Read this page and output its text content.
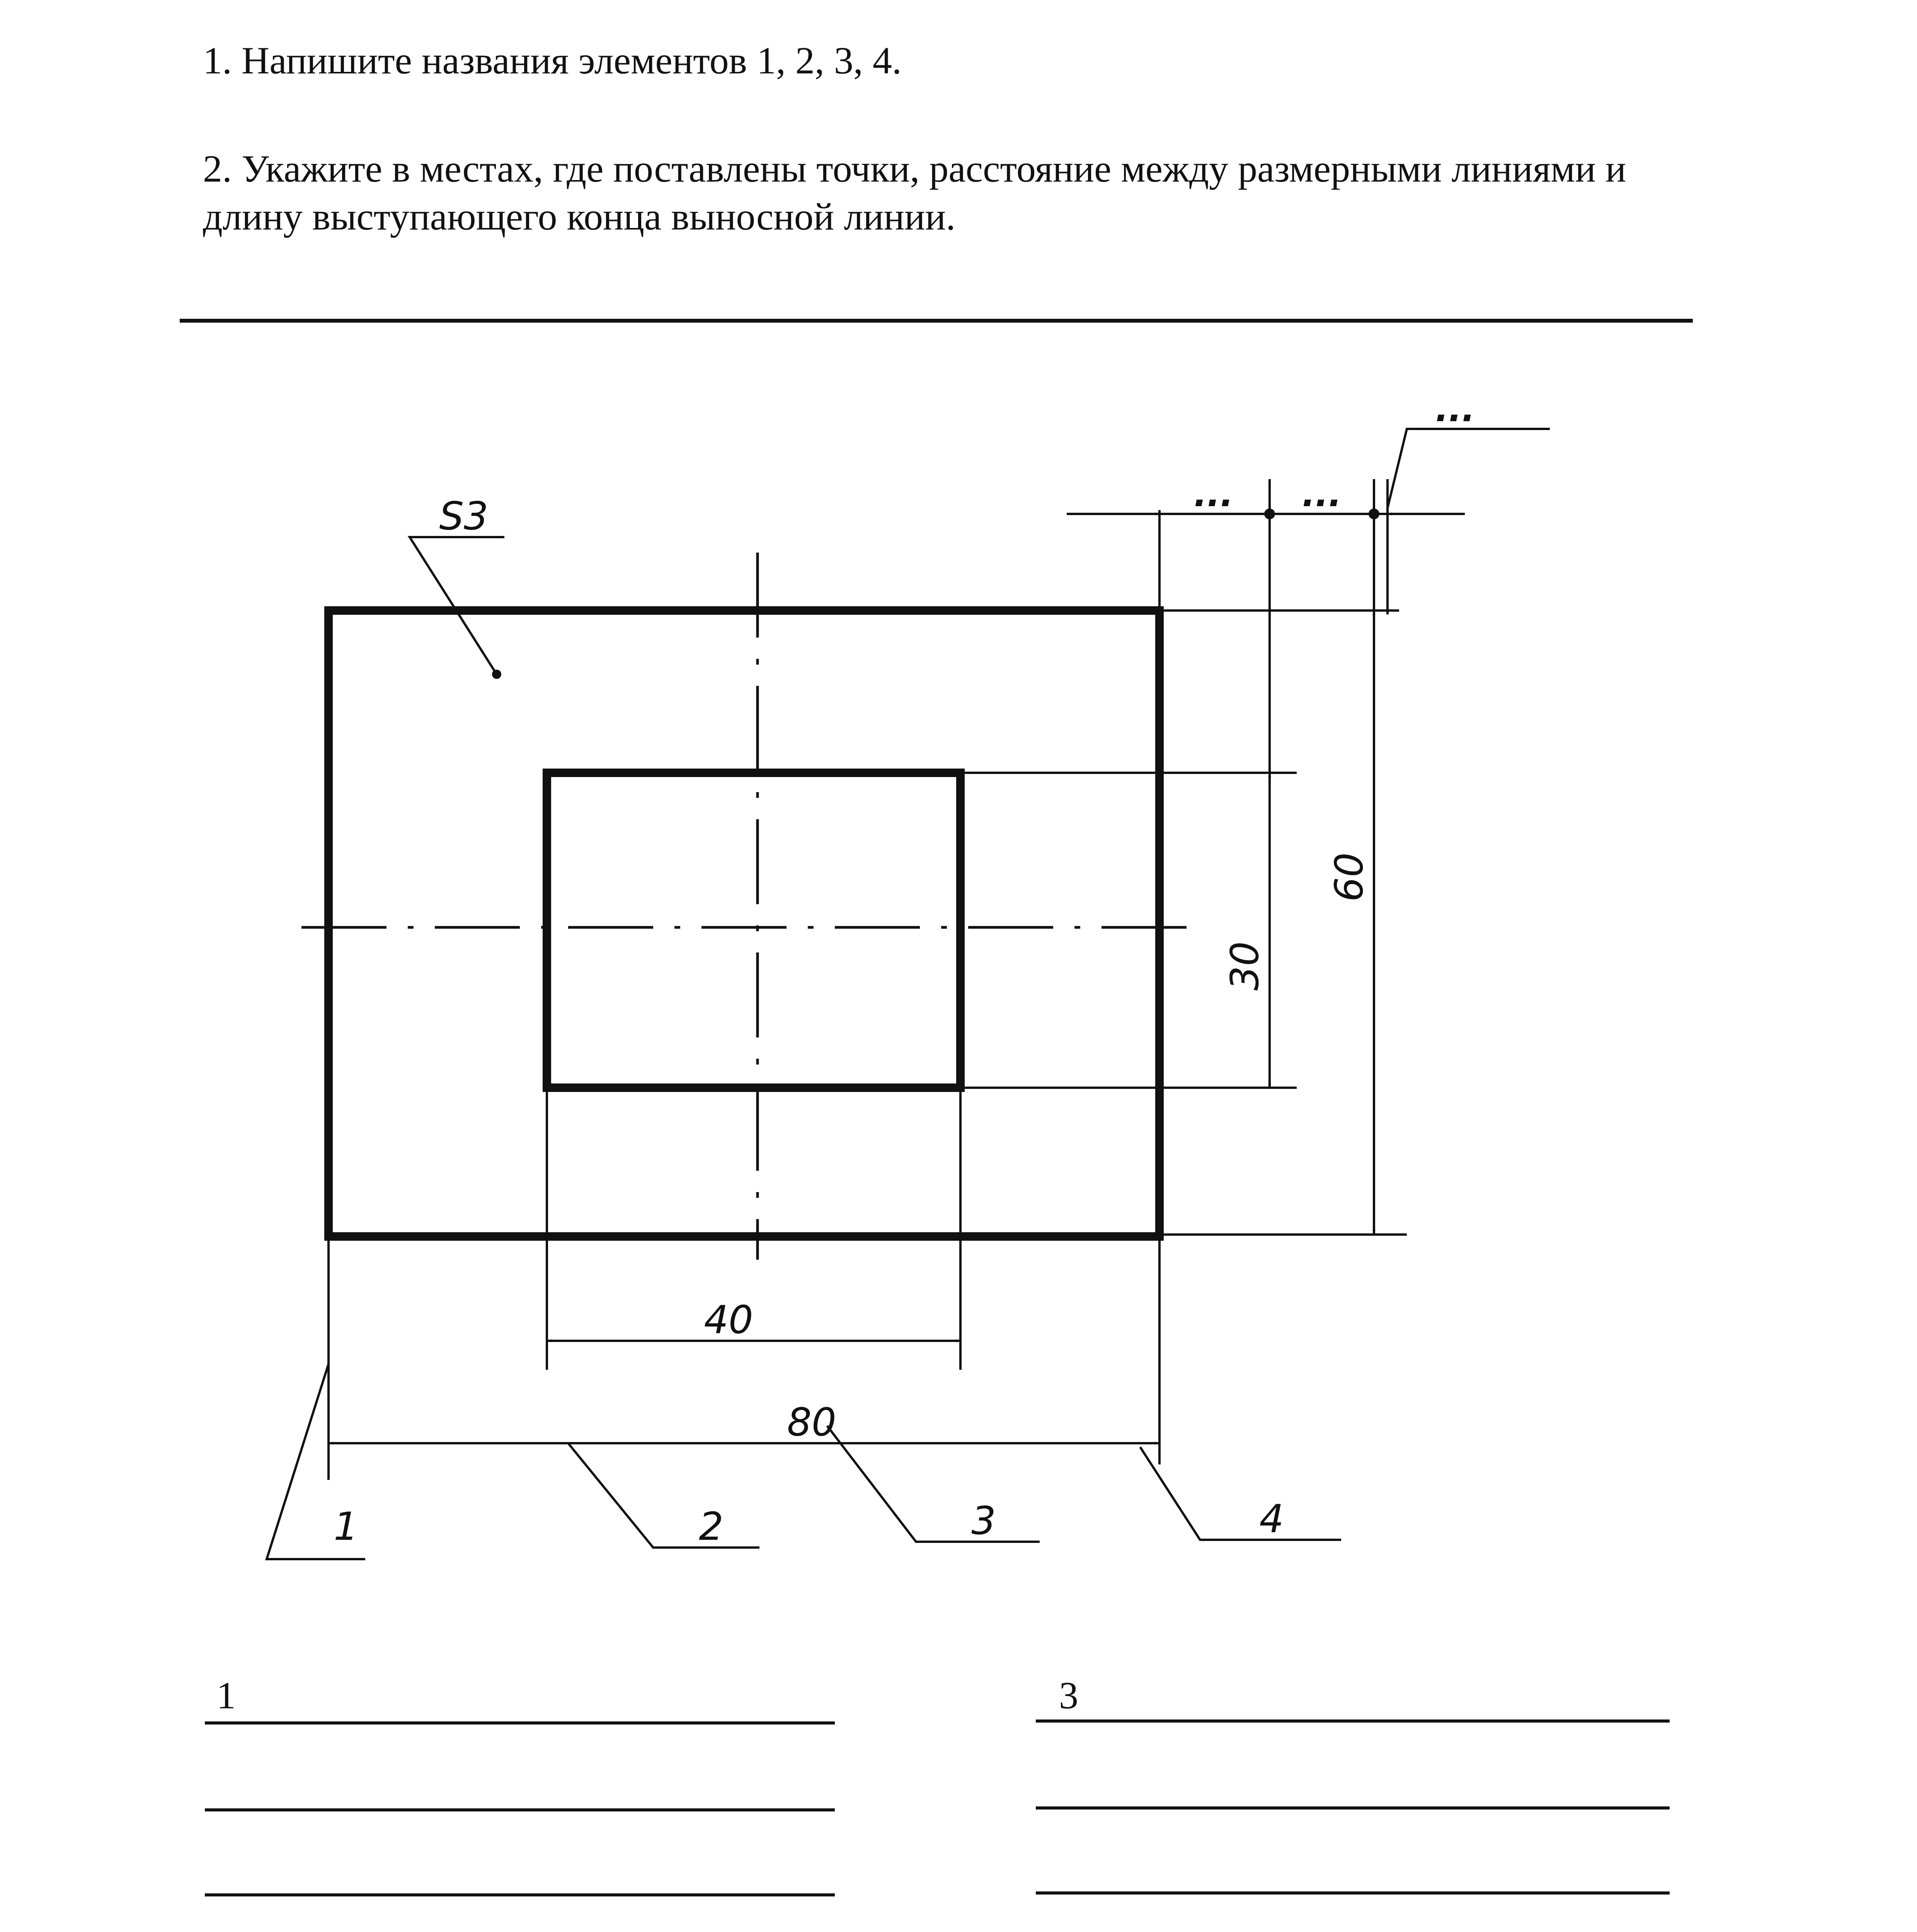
1. Напишите названия элементов 1, 2, 3, 4.
2. Укажите в местах, где поставлены точки, расстояние между размерными линиями и длину выступающего конца выносной линии.
40
80
30
60
... ...
...
S3
1	2	3	4
1	3
